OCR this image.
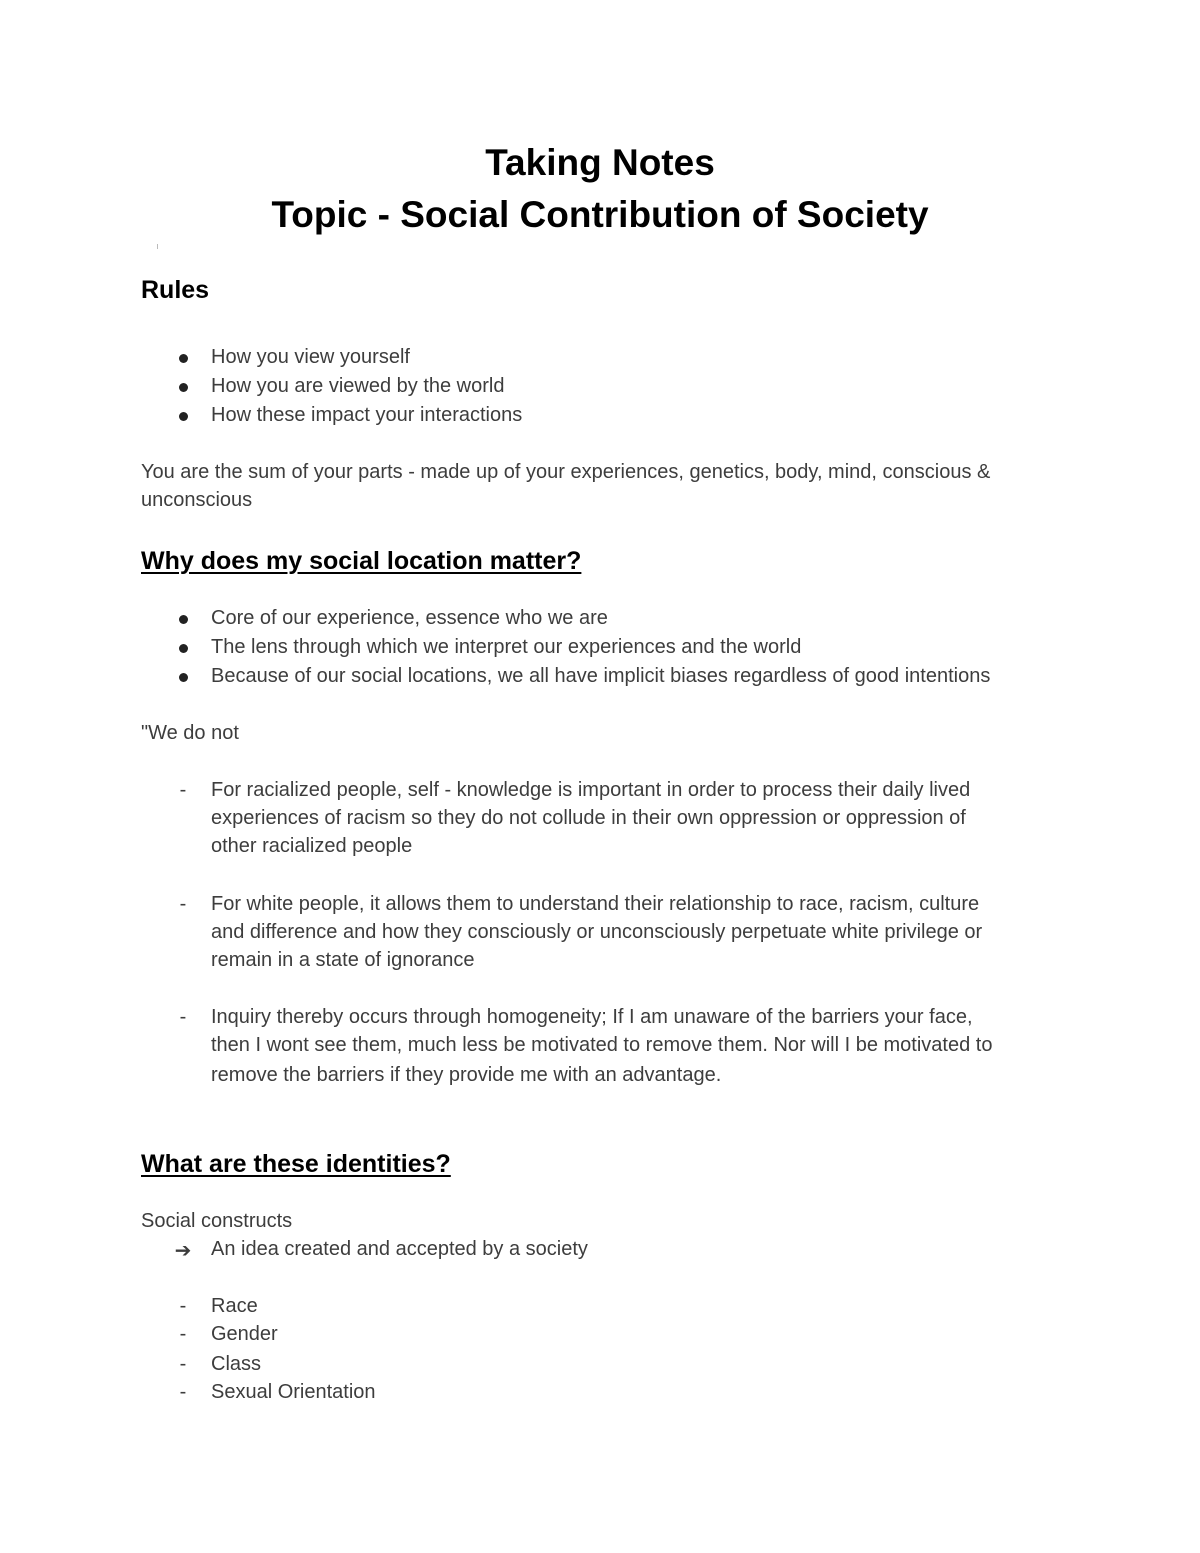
Taking Notes
Topic - Social Contribution of Society
Rules
How you view yourself
How you are viewed by the world
How these impact your interactions
You are the sum of your parts - made up of your experiences, genetics, body, mind, conscious &
unconscious
Why does my social location matter?
Core of our experience, essence who we are
The lens through which we interpret our experiences and the world
Because of our social locations, we all have implicit biases regardless of good intentions
"We do not
-	For racialized people, self - knowledge is important in order to process their daily lived
experiences of racism so they do not collude in their own oppression or oppression of
other racialized people
-	For white people, it allows them to understand their relationship to race, racism, culture
and difference and how they consciously or unconsciously perpetuate white privilege or
remain in a state of ignorance
-	Inquiry thereby occurs through homogeneity; If I am unaware of the barriers your face,
then I wont see them, much less be motivated to remove them. Nor will I be motivated to
remove the barriers if they provide me with an advantage.
What are these identities?
Social constructs
➔ An idea created and accepted by a society
-	Race
-	Gender
-	Class
-	Sexual Orientation
